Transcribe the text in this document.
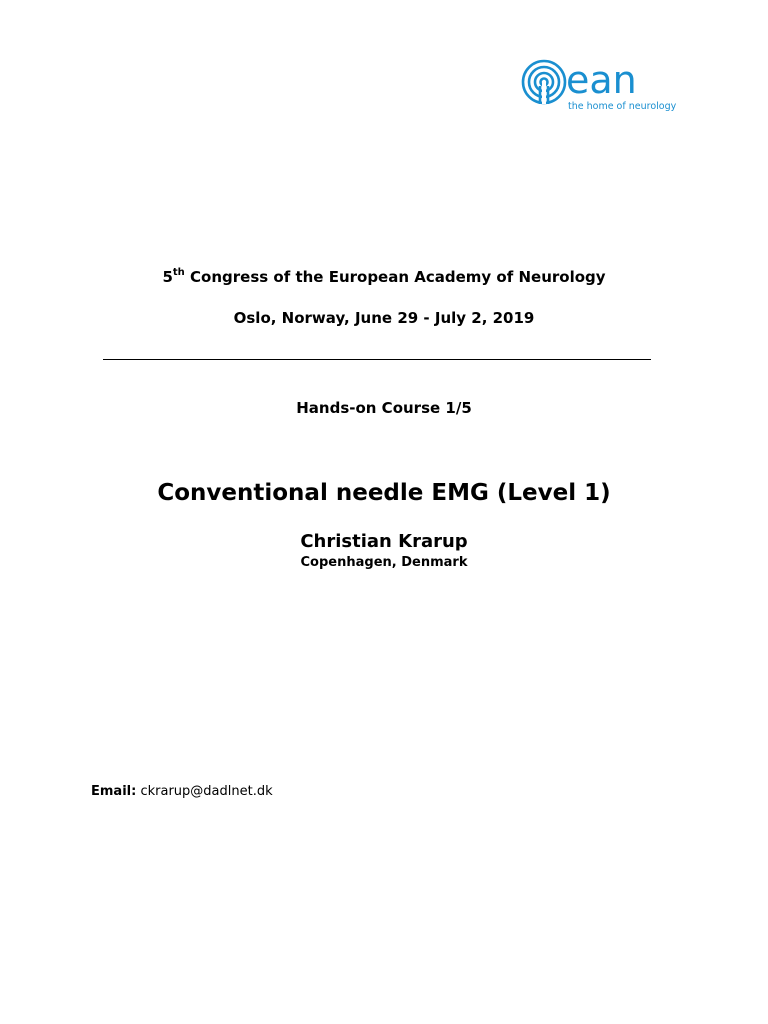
ean
the home of neurology
5th Congress of the European Academy of Neurology
Oslo, Norway, June 29 - July 2, 2019
Hands-on Course 1/5
Conventional needle EMG (Level 1)
Christian Krarup
Copenhagen, Denmark
Email: ckrarup@dadlnet.dk
